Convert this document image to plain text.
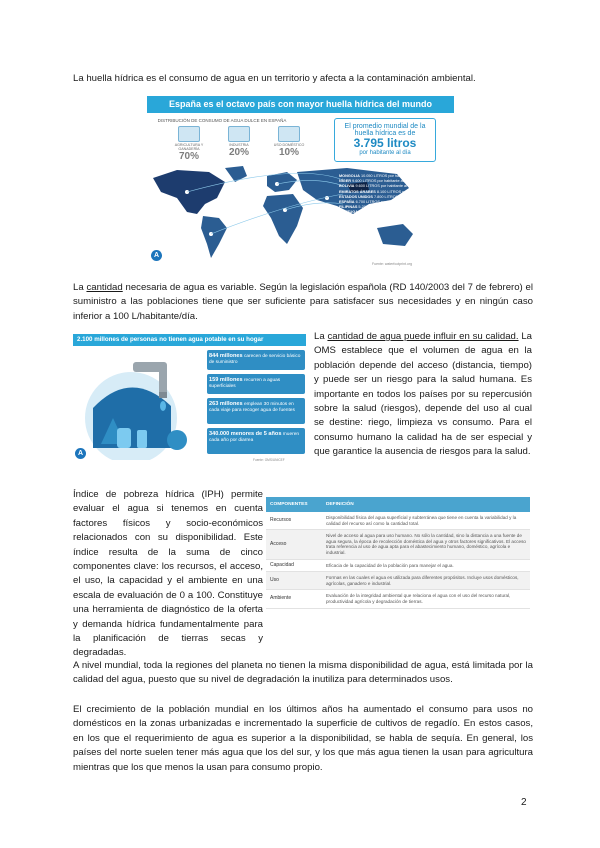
La huella hídrica es el consumo de agua en un territorio y afecta a la contaminación ambiental.
España es el octavo país con mayor huella hídrica del mundo
DISTRIBUCIÓN DE CONSUMO DE AGUA DULCE EN ESPAÑA
AGRICULTURA Y GANADERÍA
70%
INDUSTRIA
20%
USO DOMÉSTICO
10%
El promedio mundial de la huella hídrica es de
3.795 litros
por habitante al día
MONGOLIA 10.050 LITROS por habitante al día
NÍGER 9.600 LITROS por habitante al día
BOLIVIA 9.600 LITROS por habitante al día
EMIRATOS ÁRABES 8.100 LITROS por habitante al día
ESTADOS UNIDOS 7.800 LITROS por habitante al día
ESPAÑA 6.700 LITROS por habitante al día
FILIPINAS 5.200 LITROS por habitante al día
PORTUGAL 5.000 LITROS por habitante al día
A
Fuente: waterfootprint.org
La cantidad necesaria de agua es variable. Según la legislación española (RD 140/2003 del 7 de febrero) el suministro a las poblaciones tiene que ser suficiente para satisfacer sus necesidades y en ningún caso inferior a 100 L/habitante/día.
2.100 millones de personas no tienen agua potable en su hogar
844 millones carecen de servicio básico de suministro
159 millones recurren a aguas superficiales
263 millones emplean 30 minutos en cada viaje para recoger agua de fuentes
340.000 menores de 5 años mueren cada año por diarrea
A
Fuente: OMS/UNICEF
La cantidad de agua puede influir en su calidad. La OMS establece que el volumen de agua en la población depende del acceso (distancia, tiempo) y puede ser un riesgo para la salud humana. Es importante en todos los países por su repercusión sobre la salud (riesgos), depende del uso al cual se destine: riego, limpieza vs consumo. Para el consumo humano la calidad ha de ser especial y que garantice la ausencia de riesgos para la salud.
Índice de pobreza hídrica (IPH) permite evaluar el agua si tenemos en cuenta factores físicos y socio-económicos relacionados con su disponibilidad. Este índice resulta de la suma de cinco componentes clave: los recursos, el acceso, el uso, la capacidad y el ambiente en una escala de evaluación de 0 a 100. Constituye una herramienta de diagnóstico de la oferta y demanda hídrica fundamentalmente para la planificación de tierras secas y degradadas.
COMPONENTES	DEFINICIÓN
Recursos	Disponibilidad física del agua superficial y subterránea que tiene en cuenta la variabilidad y la calidad del recurso así como la cantidad total.
Acceso	Nivel de acceso al agua para uso humano. No sólo la cantidad, sino la distancia a una fuente de agua segura, la época de recolección doméstica del agua y otros factores significativos. El acceso trata referencia al uso de agua apta para el abastecimiento humano, doméstico, agrícola e industrial.
Capacidad	Eficacia de la capacidad de la población para manejar el agua.
Uso	Formas en las cuales el agua es utilizada para diferentes propósitos. Incluye usos domésticos, agrícolas, ganadero e industrial.
Ambiente	Evaluación de la integridad ambiental que relaciona el agua con el uso del recurso natural, productividad agrícola y degradación de tierras.
A nivel mundial, toda la regiones del planeta no tienen la misma disponibilidad de agua, está limitada por la calidad del agua, puesto que su nivel de degradación la inutiliza para determinados usos.
El crecimiento de la población mundial en los últimos años ha aumentado el consumo para usos no domésticos en la zonas urbanizadas e incrementado la superficie de cultivos de regadío. En estos casos, en los que el requerimiento de agua es superior a la disponibilidad, se habla de sequía. En general, los países del norte suelen tener más agua que los del sur, y los que más agua tienen la usan para agricultura mientras que los que menos la usan para consumo propio.
2
